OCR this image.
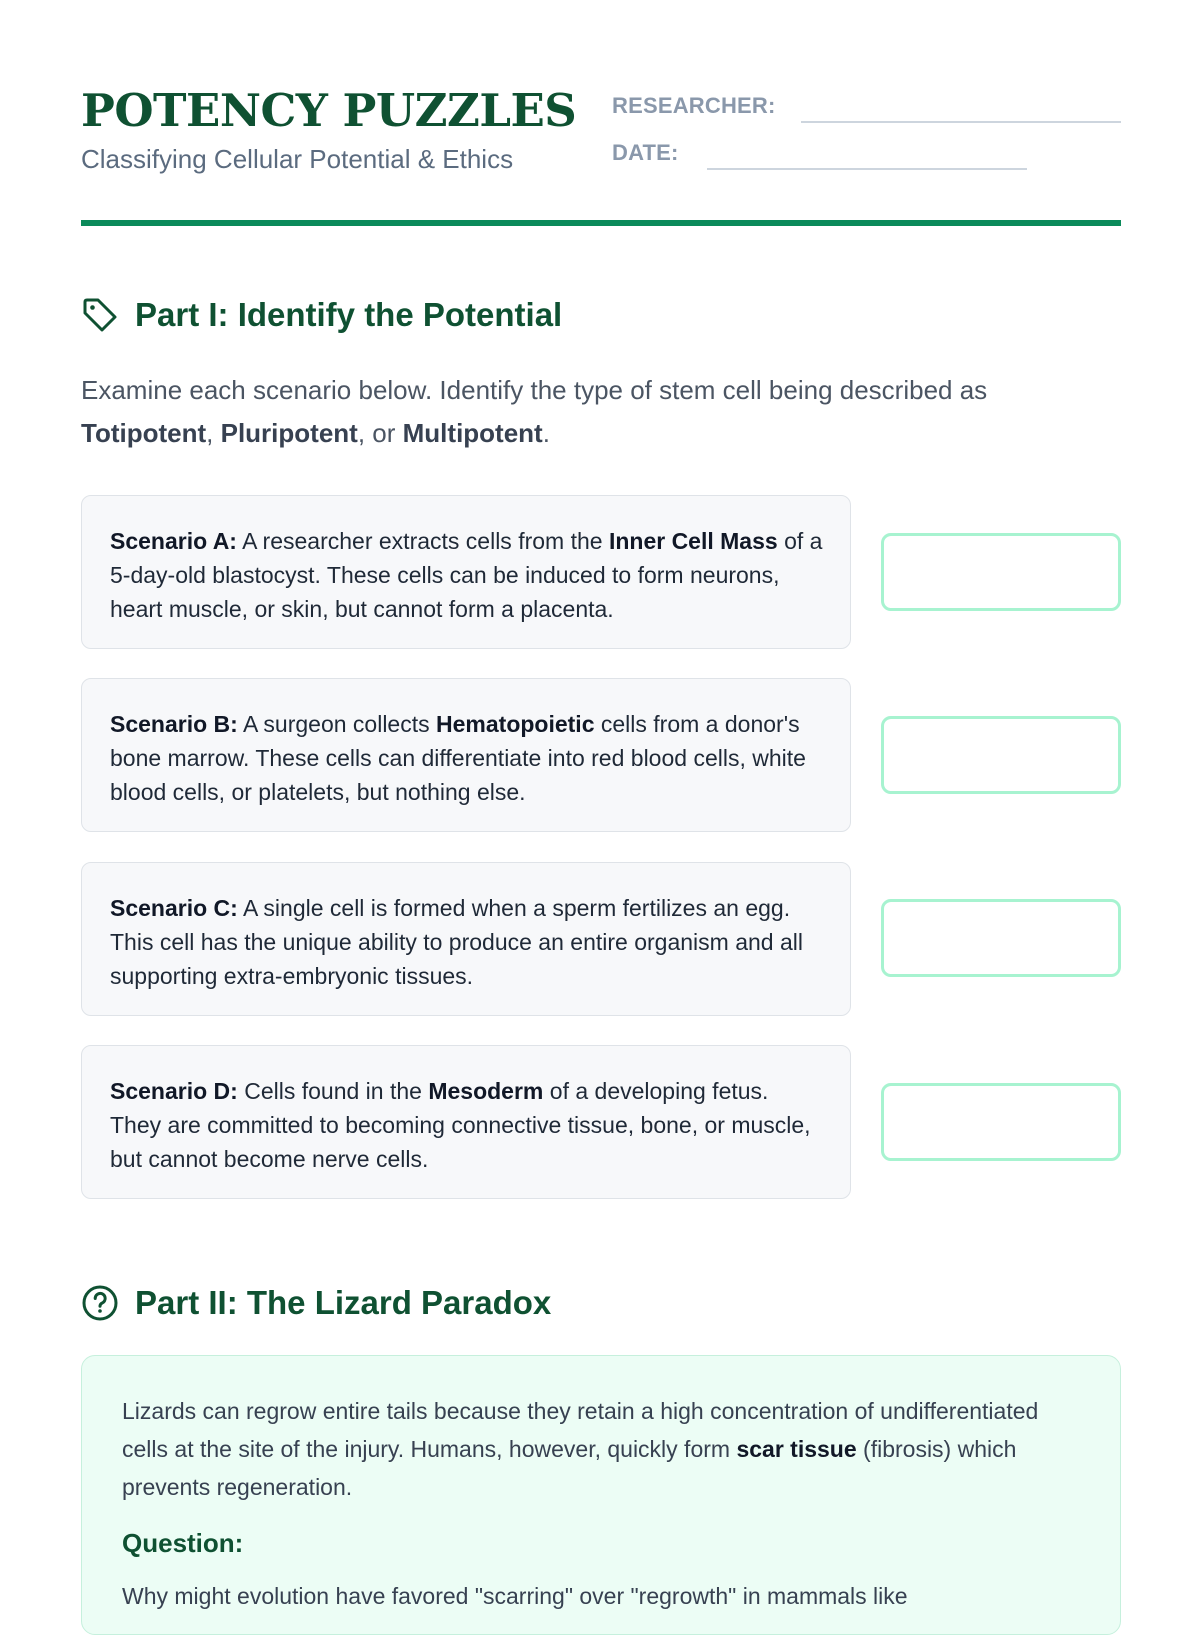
POTENCY PUZZLES
Classifying Cellular Potential & Ethics
RESEARCHER:
DATE:
Part I: Identify the Potential
Examine each scenario below. Identify the type of stem cell being described as
Totipotent, Pluripotent, or Multipotent.
Scenario A: A researcher extracts cells from the Inner Cell Mass of a 5-day-old blastocyst. These cells can be induced to form neurons, heart muscle, or skin, but cannot form a placenta.
Scenario B: A surgeon collects Hematopoietic cells from a donor's bone marrow. These cells can differentiate into red blood cells, white blood cells, or platelets, but nothing else.
Scenario C: A single cell is formed when a sperm fertilizes an egg. This cell has the unique ability to produce an entire organism and all supporting extra-embryonic tissues.
Scenario D: Cells found in the Mesoderm of a developing fetus. They are committed to becoming connective tissue, bone, or muscle, but cannot become nerve cells.
Part II: The Lizard Paradox
Lizards can regrow entire tails because they retain a high concentration of undifferentiated cells at the site of the injury. Humans, however, quickly form scar tissue (fibrosis) which prevents regeneration.
Question:
Why might evolution have favored "scarring" over "regrowth" in mammals like
